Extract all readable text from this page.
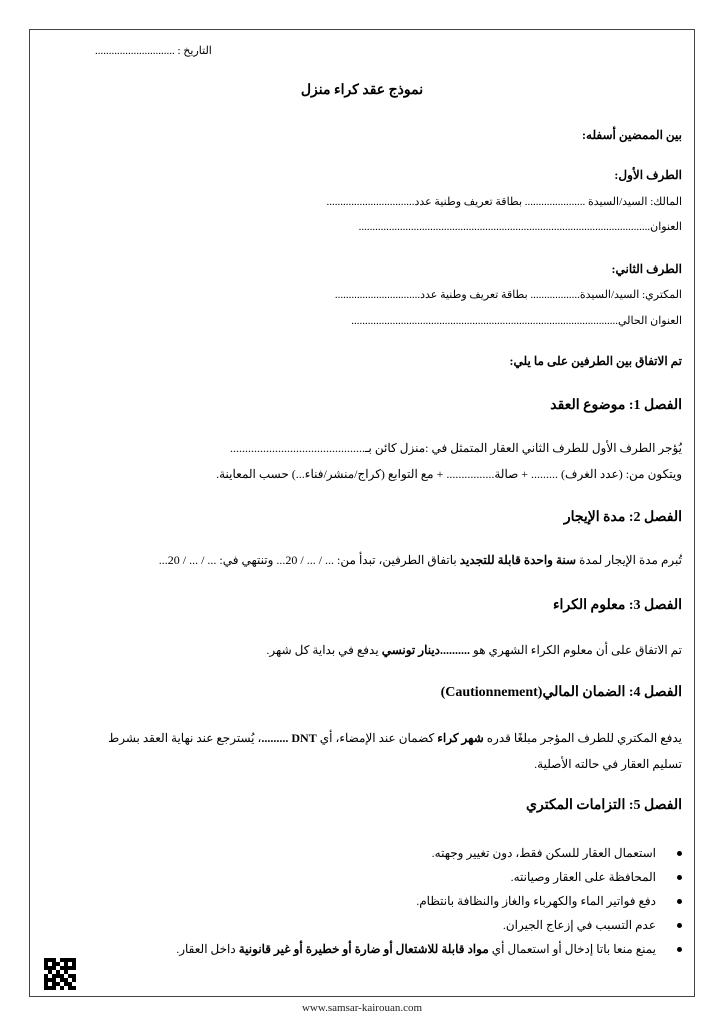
التاريخ : .............................
نموذج عقد كراء منزل
بين الممضين أسفله:
الطرف الأول:
المالك: السيد/السيدة ...................... بطاقة تعريف وطنية عدد................................
العنوان..........................................................................................................
الطرف الثاني:
المكتري: السيد/السيدة.................. بطاقة تعريف وطنية عدد...............................
العنوان الحالي.................................................................................................
تم الاتفاق بين الطرفين على ما يلي:
الفصل 1: موضوع العقد
يُؤجر الطرف الأول للطرف الثاني العقار المتمثل في :منزل كائن بـ.............................................
ويتكون من: (عدد الغرف) ......... + صالة................ + مع التوابع (كراج/منشر/فناء...) حسب المعاينة.
الفصل 2: مدة الإيجار
تُبرم مدة الإيجار لمدة سنة واحدة قابلة للتجديد باتفاق الطرفين، تبدأ من: ... / ... / 20... وتنتهي في: ... / ... / 20...
الفصل 3: معلوم الكراء
تم الاتفاق على أن معلوم الكراء الشهري هو ..........دينار تونسي يدفع في بداية كل شهر.
الفصل 4: الضمان المالي(Cautionnement)
يدفع المكتري للطرف المؤجر مبلغًا قدره شهر كراء كضمان عند الإمضاء، أي DNT .........، يُسترجع عند نهاية العقد بشرط
تسليم العقار في حالته الأصلية.
الفصل 5: التزامات المكتري
استعمال العقار للسكن فقط، دون تغيير وجهته.
المحافظة على العقار وصيانته.
دفع فواتير الماء والكهرباء والغاز والنظافة بانتظام.
عدم التسبب في إزعاج الجيران.
يمنع منعا باتا إدخال أو استعمال أي مواد قابلة للاشتعال أو ضارة أو خطيرة أو غير قانونية داخل العقار.
www.samsar-kairouan.com
